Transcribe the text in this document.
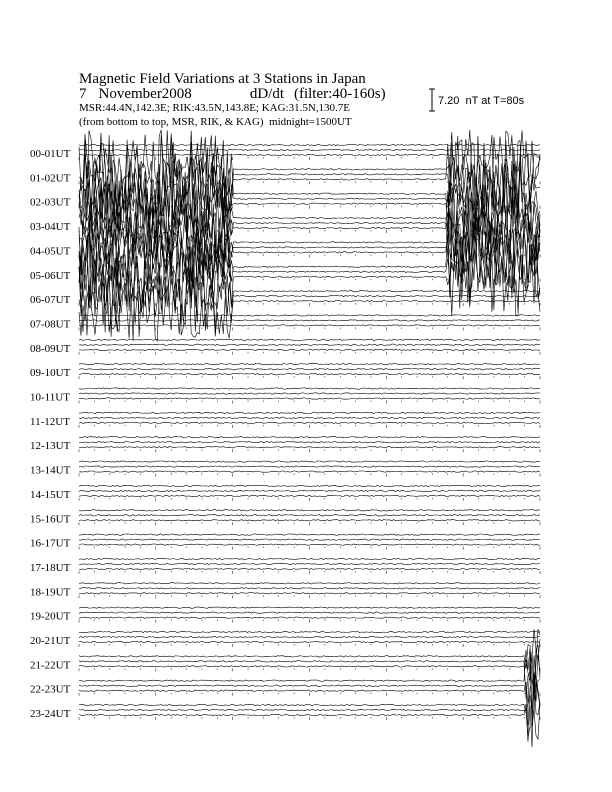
Magnetic Field Variations at 3 Stations in Japan
7 November2008	dD/dt (filter:40-160s)
MSR:44.4N,142.3E; RIK:43.5N,143.8E; KAG:31.5N,130.7E
(from bottom to top, MSR, RIK, & KAG)  midnight=1500UT
7.20  nT at T=80s
00-01UT
01-02UT
02-03UT
03-04UT
04-05UT
05-06UT
06-07UT
07-08UT
08-09UT
09-10UT
10-11UT
11-12UT
12-13UT
13-14UT
14-15UT
15-16UT
16-17UT
17-18UT
18-19UT
19-20UT
20-21UT
21-22UT
22-23UT
23-24UT
